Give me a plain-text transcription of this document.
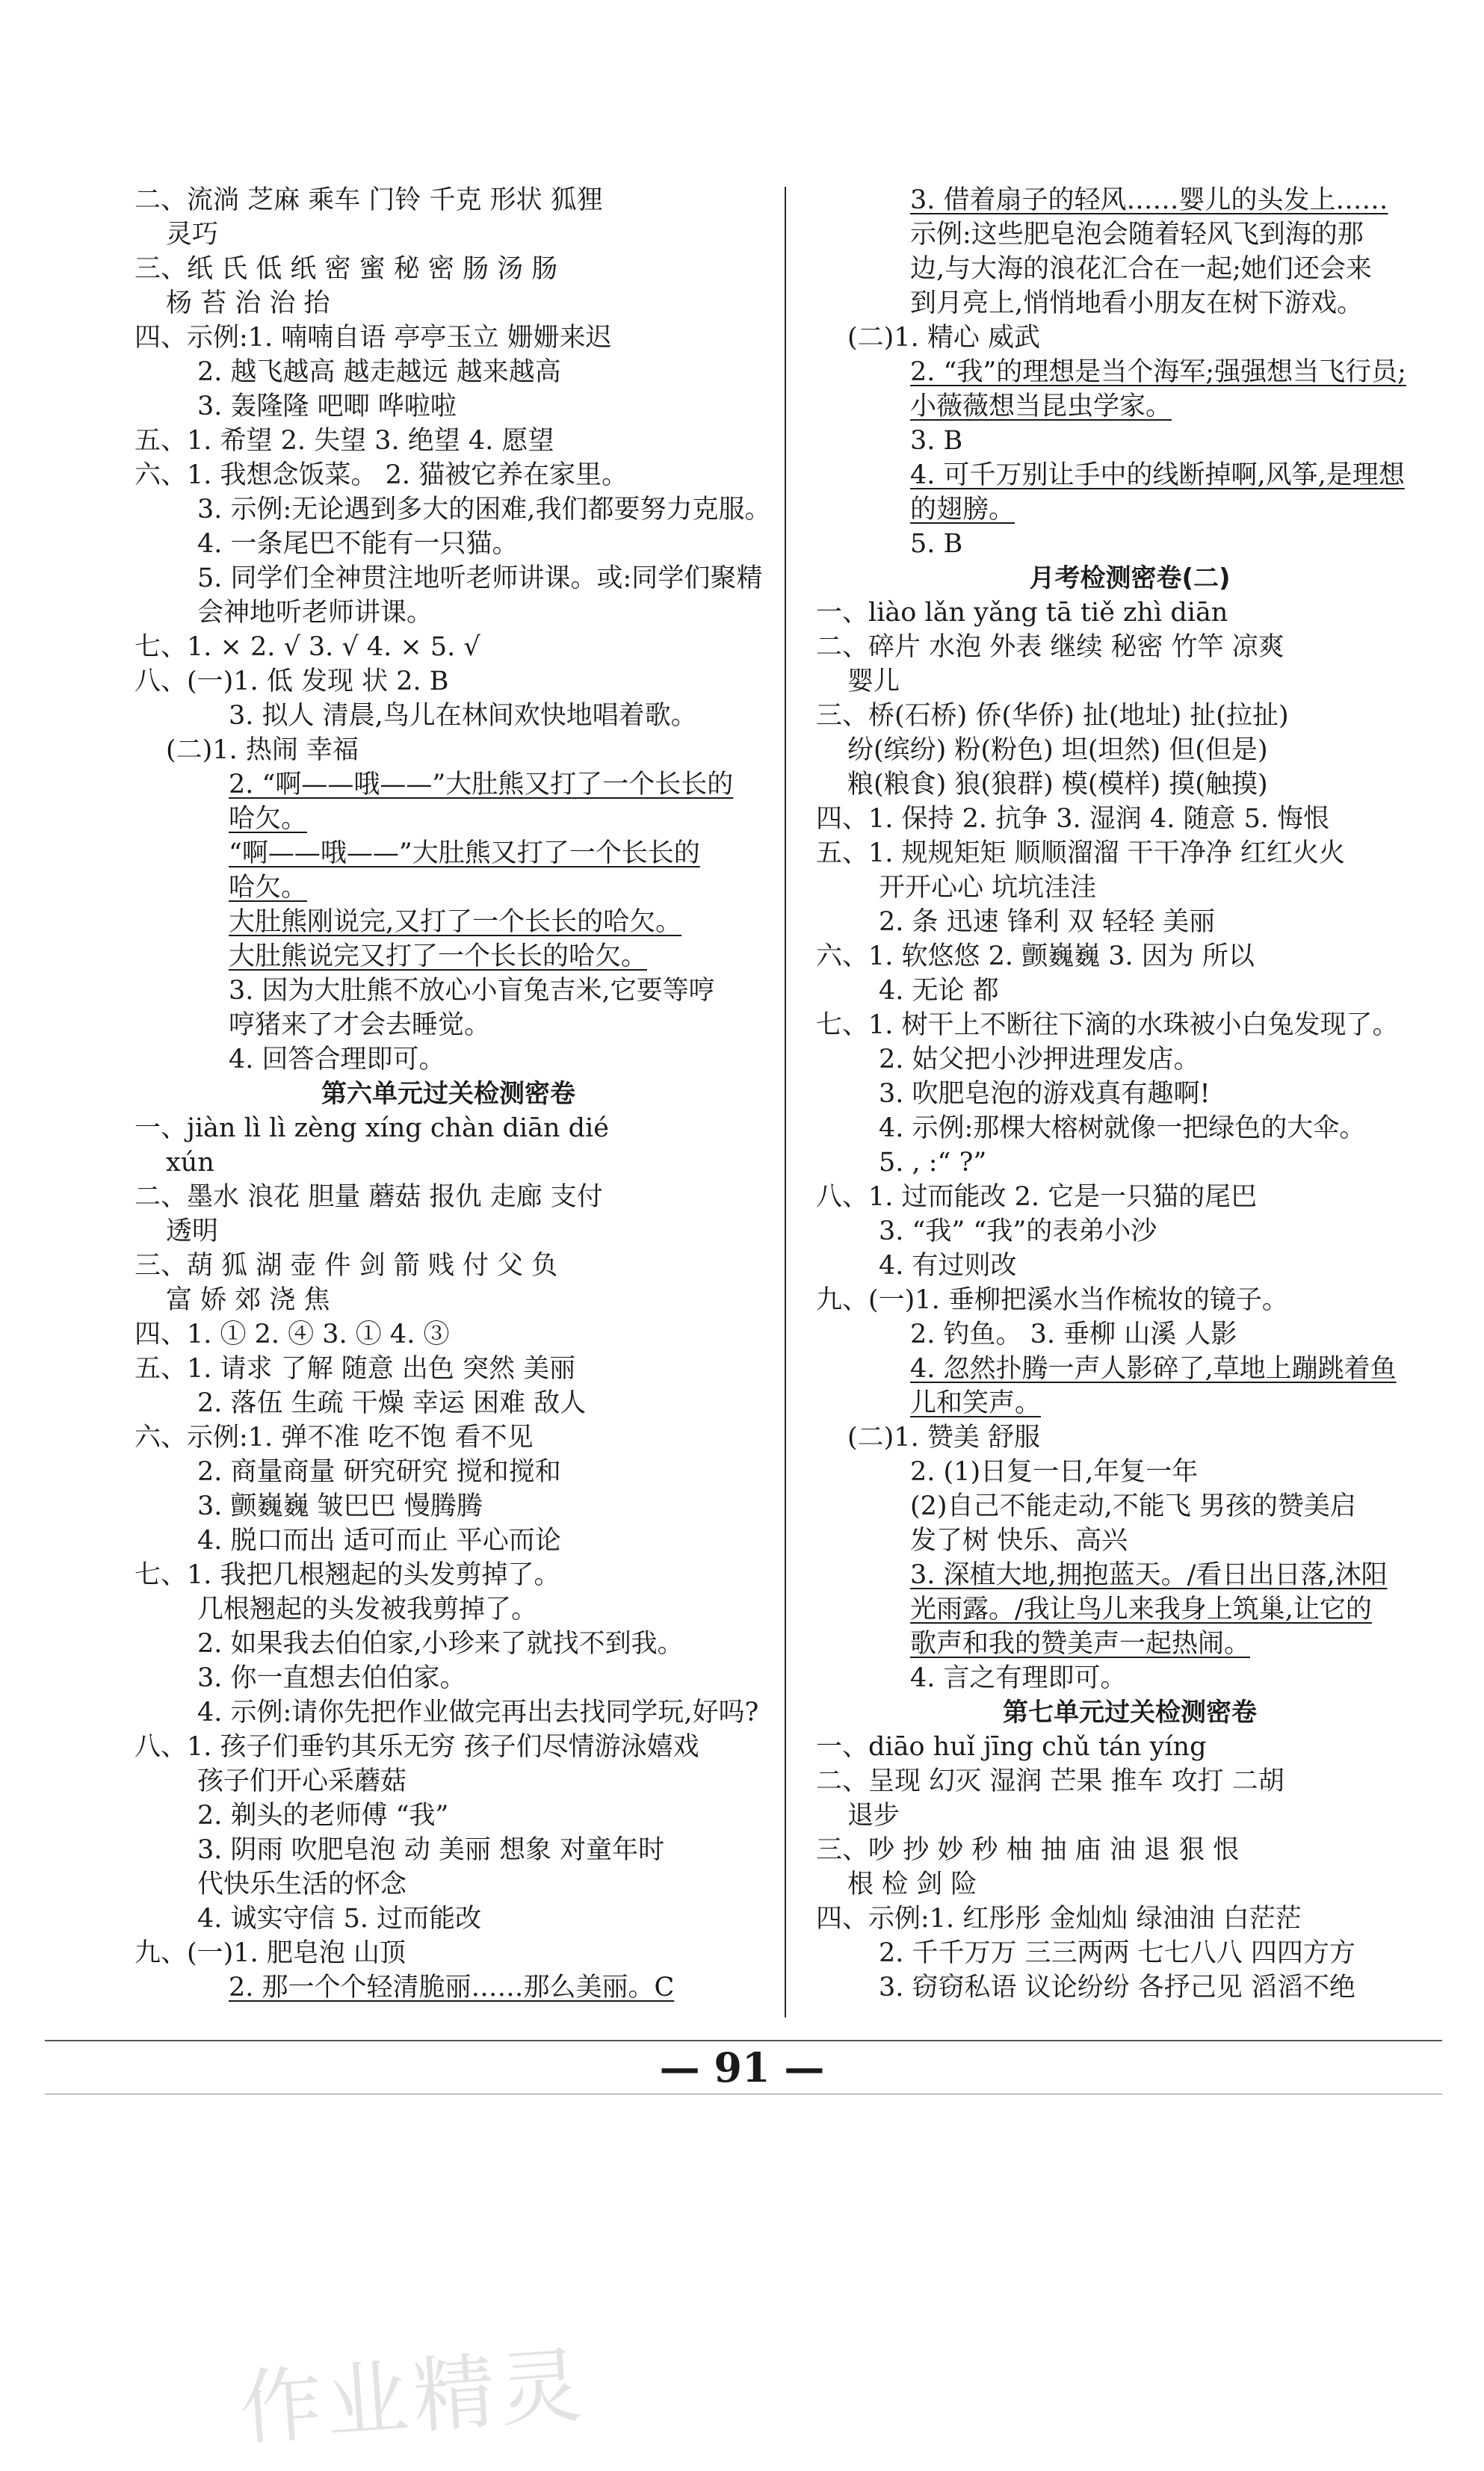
二、流淌 芝麻 乘车 门铃 千克 形状 狐狸
灵巧
三、纸 氏 低 纸 密 蜜 秘 密 肠 汤 肠
杨 苔 治 治 抬
四、示例:1. 喃喃自语 亭亭玉立 姗姗来迟
2. 越飞越高 越走越远 越来越高
3. 轰隆隆 吧唧 哗啦啦
五、1. 希望 2. 失望 3. 绝望 4. 愿望
六、1. 我想念饭菜。 2. 猫被它养在家里。
3. 示例:无论遇到多大的困难,我们都要努力克服。
4. 一条尾巴不能有一只猫。
5. 同学们全神贯注地听老师讲课。或:同学们聚精
会神地听老师讲课。
七、1. × 2. √ 3. √ 4. × 5. √
八、(一)1. 低 发现 状 2. B
3. 拟人 清晨,鸟儿在林间欢快地唱着歌。
(二)1. 热闹 幸福
2. “啊——哦——”大肚熊又打了一个长长的
哈欠。
“啊——哦——”大肚熊又打了一个长长的
哈欠。
大肚熊刚说完,又打了一个长长的哈欠。
大肚熊说完又打了一个长长的哈欠。
3. 因为大肚熊不放心小盲兔吉米,它要等哼
哼猪来了才会去睡觉。
4. 回答合理即可。
第六单元过关检测密卷
一、jiàn lì lì zèng xíng chàn diān dié
xún
二、墨水 浪花 胆量 蘑菇 报仇 走廊 支付
透明
三、葫 狐 湖 壶 件 剑 箭 贱 付 父 负
富 娇 郊 浇 焦
四、1. ① 2. ④ 3. ① 4. ③
五、1. 请求 了解 随意 出色 突然 美丽
2. 落伍 生疏 干燥 幸运 困难 敌人
六、示例:1. 弹不准 吃不饱 看不见
2. 商量商量 研究研究 搅和搅和
3. 颤巍巍 皱巴巴 慢腾腾
4. 脱口而出 适可而止 平心而论
七、1. 我把几根翘起的头发剪掉了。
几根翘起的头发被我剪掉了。
2. 如果我去伯伯家,小珍来了就找不到我。
3. 你一直想去伯伯家。
4. 示例:请你先把作业做完再出去找同学玩,好吗?
八、1. 孩子们垂钓其乐无穷 孩子们尽情游泳嬉戏
孩子们开心采蘑菇
2. 剃头的老师傅 “我”
3. 阴雨 吹肥皂泡 动 美丽 想象 对童年时
代快乐生活的怀念
4. 诚实守信 5. 过而能改
九、(一)1. 肥皂泡 山顶
2. 那一个个轻清脆丽……那么美丽。C
3. 借着扇子的轻风……婴儿的头发上……
示例:这些肥皂泡会随着轻风飞到海的那
边,与大海的浪花汇合在一起;她们还会来
到月亮上,悄悄地看小朋友在树下游戏。
(二)1. 精心 威武
2. “我”的理想是当个海军;强强想当飞行员;
小薇薇想当昆虫学家。
3. B
4. 可千万别让手中的线断掉啊,风筝,是理想
的翅膀。
5. B
月考检测密卷(二)
一、liào lǎn yǎng tā tiě zhì diān
二、碎片 水泡 外表 继续 秘密 竹竿 凉爽
婴儿
三、桥(石桥) 侨(华侨) 扯(地址) 扯(拉扯)
纷(缤纷) 粉(粉色) 坦(坦然) 但(但是)
粮(粮食) 狼(狼群) 模(模样) 摸(触摸)
四、1. 保持 2. 抗争 3. 湿润 4. 随意 5. 悔恨
五、1. 规规矩矩 顺顺溜溜 干干净净 红红火火
开开心心 坑坑洼洼
2. 条 迅速 锋利 双 轻轻 美丽
六、1. 软悠悠 2. 颤巍巍 3. 因为 所以
4. 无论 都
七、1. 树干上不断往下滴的水珠被小白兔发现了。
2. 姑父把小沙押进理发店。
3. 吹肥皂泡的游戏真有趣啊!
4. 示例:那棵大榕树就像一把绿色的大伞。
5. , :“ ?”
八、1. 过而能改 2. 它是一只猫的尾巴
3. “我” “我”的表弟小沙
4. 有过则改
九、(一)1. 垂柳把溪水当作梳妆的镜子。
2. 钓鱼。 3. 垂柳 山溪 人影
4. 忽然扑腾一声人影碎了,草地上蹦跳着鱼
儿和笑声。
(二)1. 赞美 舒服
2. (1)日复一日,年复一年
(2)自己不能走动,不能飞 男孩的赞美启
发了树 快乐、高兴
3. 深植大地,拥抱蓝天。/看日出日落,沐阳
光雨露。/我让鸟儿来我身上筑巢,让它的
歌声和我的赞美声一起热闹。
4. 言之有理即可。
第七单元过关检测密卷
一、diāo huǐ jīng chǔ tán yíng
二、呈现 幻灭 湿润 芒果 推车 攻打 二胡
退步
三、吵 抄 妙 秒 柚 抽 庙 油 退 狠 恨
根 检 剑 险
四、示例:1. 红彤彤 金灿灿 绿油油 白茫茫
2. 千千万万 三三两两 七七八八 四四方方
3. 窃窃私语 议论纷纷 各抒己见 滔滔不绝
— 91 —
作业精灵
